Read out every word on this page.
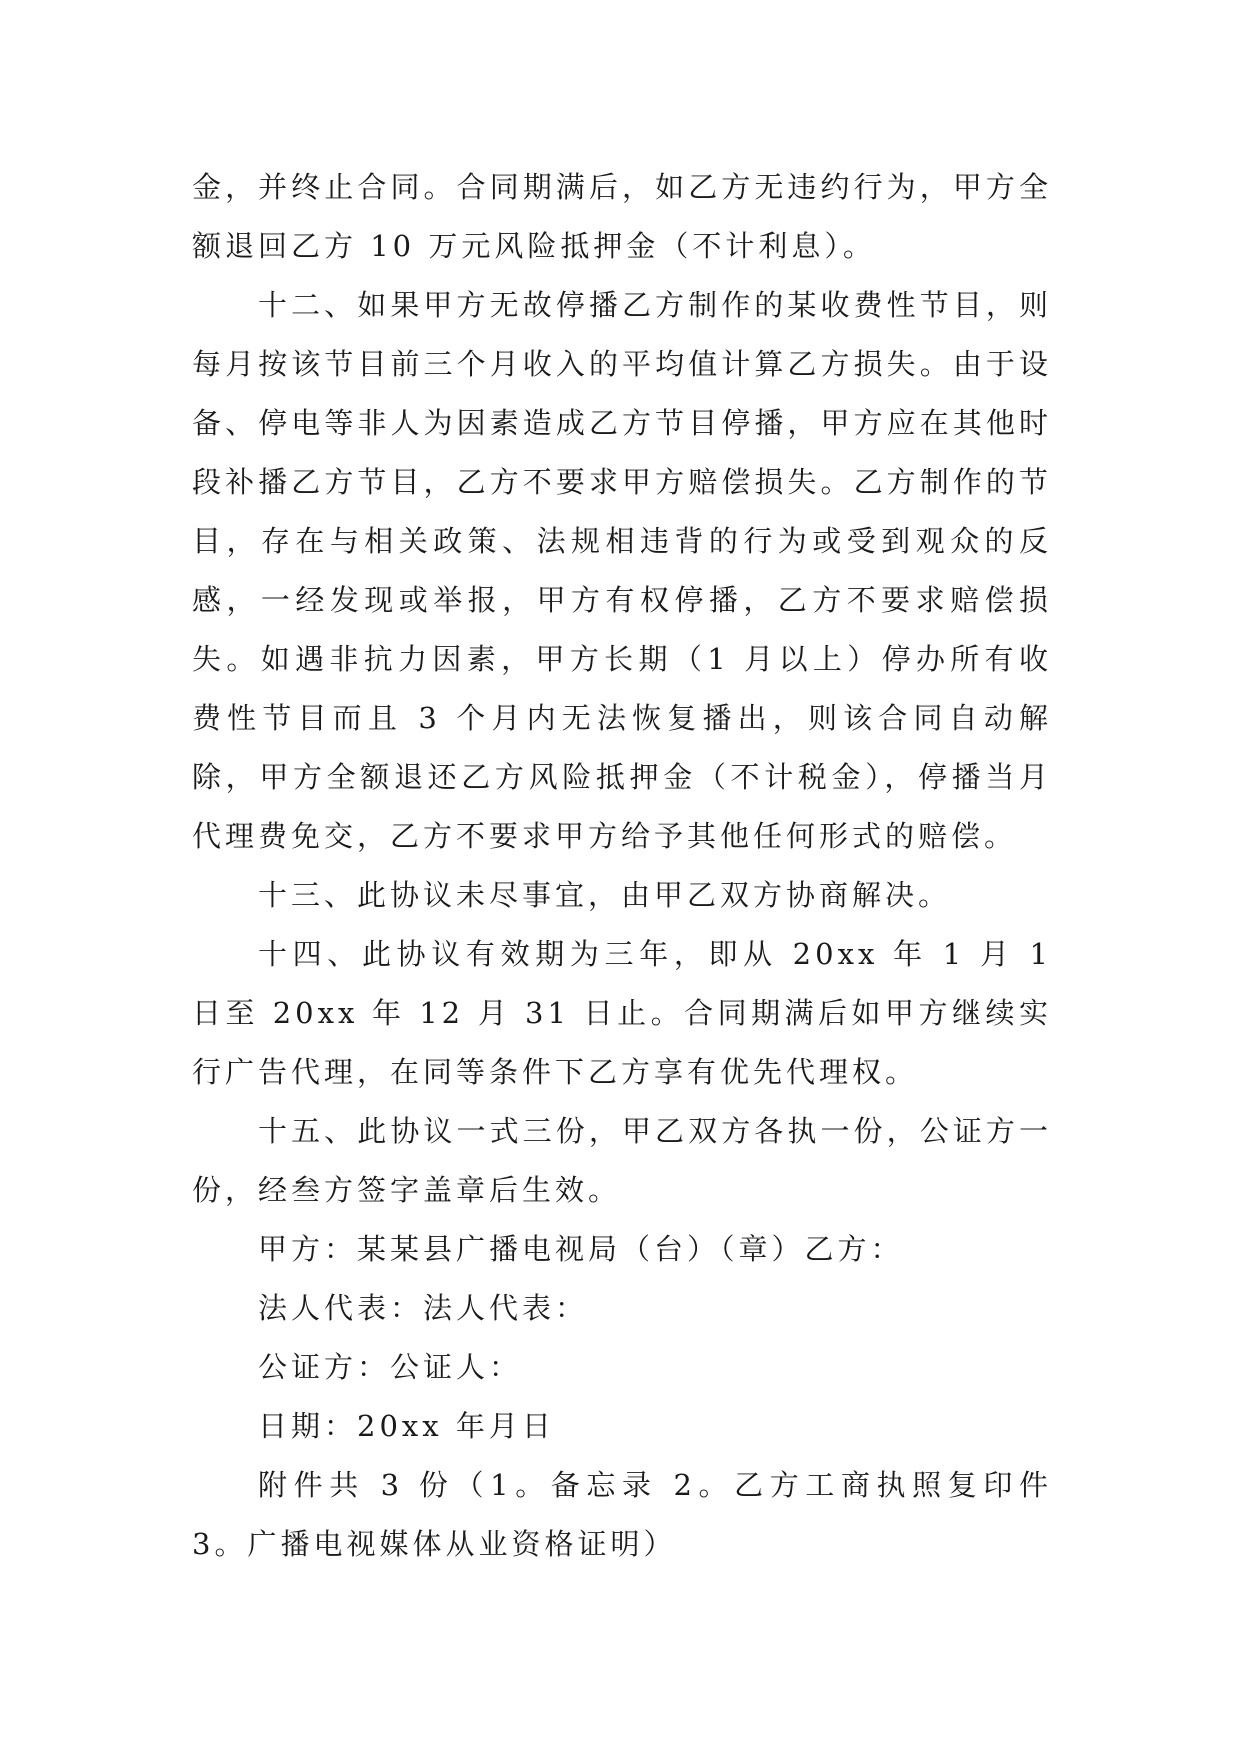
金，并终止合同。合同期满后，如乙方无违约行为，甲方全额退回乙方 10 万元风险抵押金（不计利息）。

十二、如果甲方无故停播乙方制作的某收费性节目，则每月按该节目前三个月收入的平均值计算乙方损失。由于设备、停电等非人为因素造成乙方节目停播，甲方应在其他时段补播乙方节目，乙方不要求甲方赔偿损失。乙方制作的节目，存在与相关政策、法规相违背的行为或受到观众的反感，一经发现或举报，甲方有权停播，乙方不要求赔偿损失。如遇非抗力因素，甲方长期（1 月以上）停办所有收费性节目而且 3 个月内无法恢复播出，则该合同自动解除，甲方全额退还乙方风险抵押金（不计税金），停播当月代理费免交，乙方不要求甲方给予其他任何形式的赔偿。

十三、此协议未尽事宜，由甲乙双方协商解决。

十四、此协议有效期为三年，即从 20xx 年 1 月 1 日至 20xx 年 12 月 31 日止。合同期满后如甲方继续实行广告代理，在同等条件下乙方享有优先代理权。

十五、此协议一式三份，甲乙双方各执一份，公证方一份，经叁方签字盖章后生效。

甲方：某某县广播电视局（台）（章）乙方：

法人代表：法人代表：

公证方：公证人：

日期：20xx 年月日

附件共 3 份（1。备忘录 2。乙方工商执照复印件 3。广播电视媒体从业资格证明）
